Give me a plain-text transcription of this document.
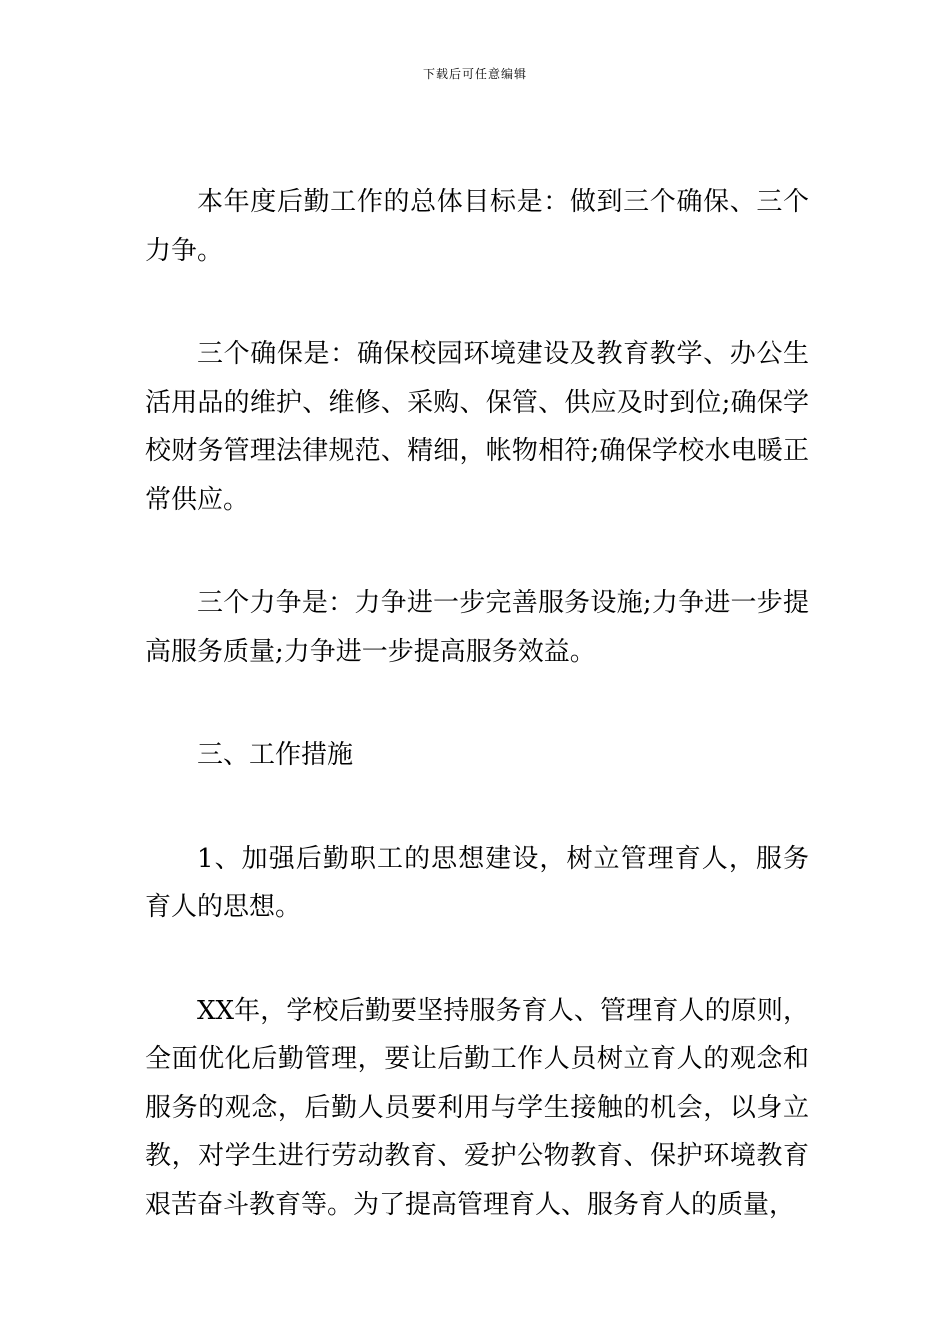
下载后可任意编辑

本年度后勤工作的总体目标是：做到三个确保、三个力争。

三个确保是：确保校园环境建设及教育教学、办公生活用品的维护、维修、采购、保管、供应及时到位;确保学校财务管理法律规范、精细，帐物相符;确保学校水电暖正常供应。

三个力争是：力争进一步完善服务设施;力争进一步提高服务质量;力争进一步提高服务效益。

三、工作措施

1、加强后勤职工的思想建设，树立管理育人，服务育人的思想。

XX年，学校后勤要坚持服务育人、管理育人的原则，全面优化后勤管理，要让后勤工作人员树立育人的观念和服务的观念，后勤人员要利用与学生接触的机会，以身立教，对学生进行劳动教育、爱护公物教育、保护环境教育艰苦奋斗教育等。为了提高管理育人、服务育人的质量，
